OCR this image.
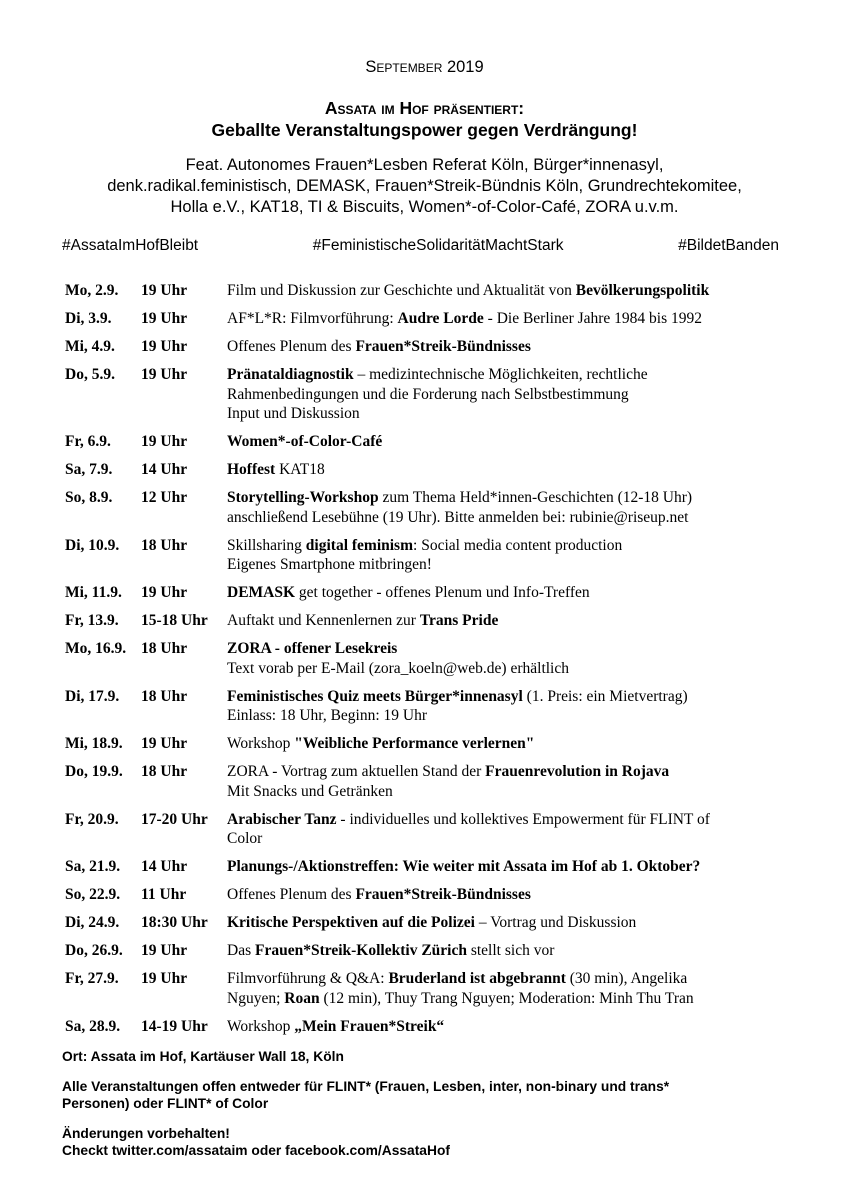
September 2019
Assata im Hof präsentiert:
Geballte Veranstaltungspower gegen Verdrängung!
Feat. Autonomes Frauen*Lesben Referat Köln, Bürger*innenasyl,
denk.radikal.feministisch, DEMASK, Frauen*Streik-Bündnis Köln, Grundrechtekomitee,
Holla e.V., KAT18, TI & Biscuits, Women*-of-Color-Café, ZORA u.v.m.
#AssataImHofBleibt	#FeministischeSolidaritätMachtStark	#BildetBanden
Mo, 2.9.	19 Uhr	Film und Diskussion zur Geschichte und Aktualität von Bevölkerungspolitik
Di, 3.9.	19 Uhr	AF*L*R: Filmvorführung: Audre Lorde - Die Berliner Jahre 1984 bis 1992
Mi, 4.9.	19 Uhr	Offenes Plenum des Frauen*Streik-Bündnisses
Do, 5.9.	19 Uhr	Pränataldiagnostik – medizintechnische Möglichkeiten, rechtliche
Rahmenbedingungen und die Forderung nach Selbstbestimmung
Input und Diskussion
Fr, 6.9.	19 Uhr	Women*-of-Color-Café
Sa, 7.9.	14 Uhr	Hoffest KAT18
So, 8.9.	12 Uhr	Storytelling-Workshop zum Thema Held*innen-Geschichten (12-18 Uhr)
anschließend Lesebühne (19 Uhr). Bitte anmelden bei: rubinie@riseup.net
Di, 10.9.	18 Uhr	Skillsharing digital feminism: Social media content production
Eigenes Smartphone mitbringen!
Mi, 11.9.	19 Uhr	DEMASK get together - offenes Plenum und Info-Treffen
Fr, 13.9.	15-18 Uhr	Auftakt und Kennenlernen zur Trans Pride
Mo, 16.9. 18 Uhr	ZORA - offener Lesekreis
Text vorab per E-Mail (zora_koeln@web.de) erhältlich
Di, 17.9.	18 Uhr	Feministisches Quiz meets Bürger*innenasyl (1. Preis: ein Mietvertrag)
Einlass: 18 Uhr, Beginn: 19 Uhr
Mi, 18.9.	19 Uhr	Workshop "Weibliche Performance verlernen"
Do, 19.9.	18 Uhr	ZORA - Vortrag zum aktuellen Stand der Frauenrevolution in Rojava
Mit Snacks und Getränken
Fr, 20.9.	17-20 Uhr	Arabischer Tanz - individuelles und kollektives Empowerment für FLINT of
Color
Sa, 21.9.	14 Uhr	Planungs-/Aktionstreffen: Wie weiter mit Assata im Hof ab 1. Oktober?
So, 22.9.	11 Uhr	Offenes Plenum des Frauen*Streik-Bündnisses
Di, 24.9.	18:30 Uhr	Kritische Perspektiven auf die Polizei – Vortrag und Diskussion
Do, 26.9.	19 Uhr	Das Frauen*Streik-Kollektiv Zürich stellt sich vor
Fr, 27.9.	19 Uhr	Filmvorführung & Q&A: Bruderland ist abgebrannt (30 min), Angelika
Nguyen; Roan (12 min), Thuy Trang Nguyen; Moderation: Minh Thu Tran
Sa, 28.9.	14-19 Uhr	Workshop „Mein Frauen*Streik“

Ort: Assata im Hof, Kartäuser Wall 18, Köln

Alle Veranstaltungen offen entweder für FLINT* (Frauen, Lesben, inter, non-binary und trans*
Personen) oder FLINT* of Color

Änderungen vorbehalten!
Checkt twitter.com/assataim oder facebook.com/AssataHof
